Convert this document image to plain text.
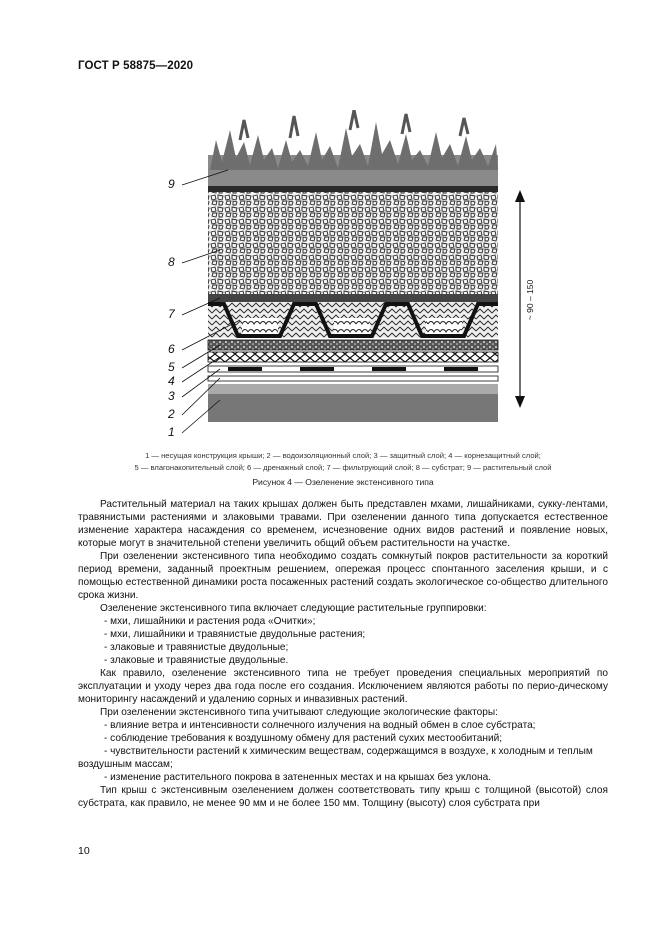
ГОСТ Р 58875—2020
9
8
7
6
5
4
3
2
1
~ 90 – 150
1 — несущая конструкция крыши; 2 — водоизоляционный слой; 3 — защитный слой; 4 — корнезащитный слой;
5 — влагонакопительный слой; 6 — дренажный слой; 7 — фильтрующий слой; 8 — субстрат; 9 — растительный слой
Рисунок 4 — Озеленение экстенсивного типа

Растительный материал на таких крышах должен быть представлен мхами, лишайниками, сукку-лентами, травянистыми растениями и злаковыми травами. При озеленении данного типа допускается естественное изменение характера насаждения со временем, исчезновение одних видов растений и появление новых, которые могут в значительной степени увеличить общий объем растительности на участке.

При озеленении экстенсивного типа необходимо создать сомкнутый покров растительности за короткий период времени, заданный проектным решением, опережая процесс спонтанного заселения крыши, и с помощью естественной динамики роста посаженных растений создать экологическое со-общество длительного срока жизни.

Озеленение экстенсивного типа включает следующие растительные группировки:

- мхи, лишайники и растения рода «Очитки»;

- мхи, лишайники и травянистые двудольные растения;

- злаковые и травянистые двудольные;

- злаковые и травянистые двудольные.

Как правило, озеленение экстенсивного типа не требует проведения специальных мероприятий по эксплуатации и уходу через два года после его создания. Исключением являются работы по перио-дическому мониторингу насаждений и удалению сорных и инвазивных растений.

При озеленении экстенсивного типа учитывают следующие экологические факторы:

- влияние ветра и интенсивности солнечного излучения на водный обмен в слое субстрата;

- соблюдение требования к воздушному обмену для растений сухих местообитаний;

- чувствительности растений к химическим веществам, содержащимся в воздухе, к холодным и теплым воздушным массам;

- изменение растительного покрова в затененных местах и на крышах без уклона.

Тип крыш с экстенсивным озеленением должен соответствовать типу крыш с толщиной (высотой) слоя субстрата, как правило, не менее 90 мм и не более 150 мм. Толщину (высоту) слоя субстрата при

10
